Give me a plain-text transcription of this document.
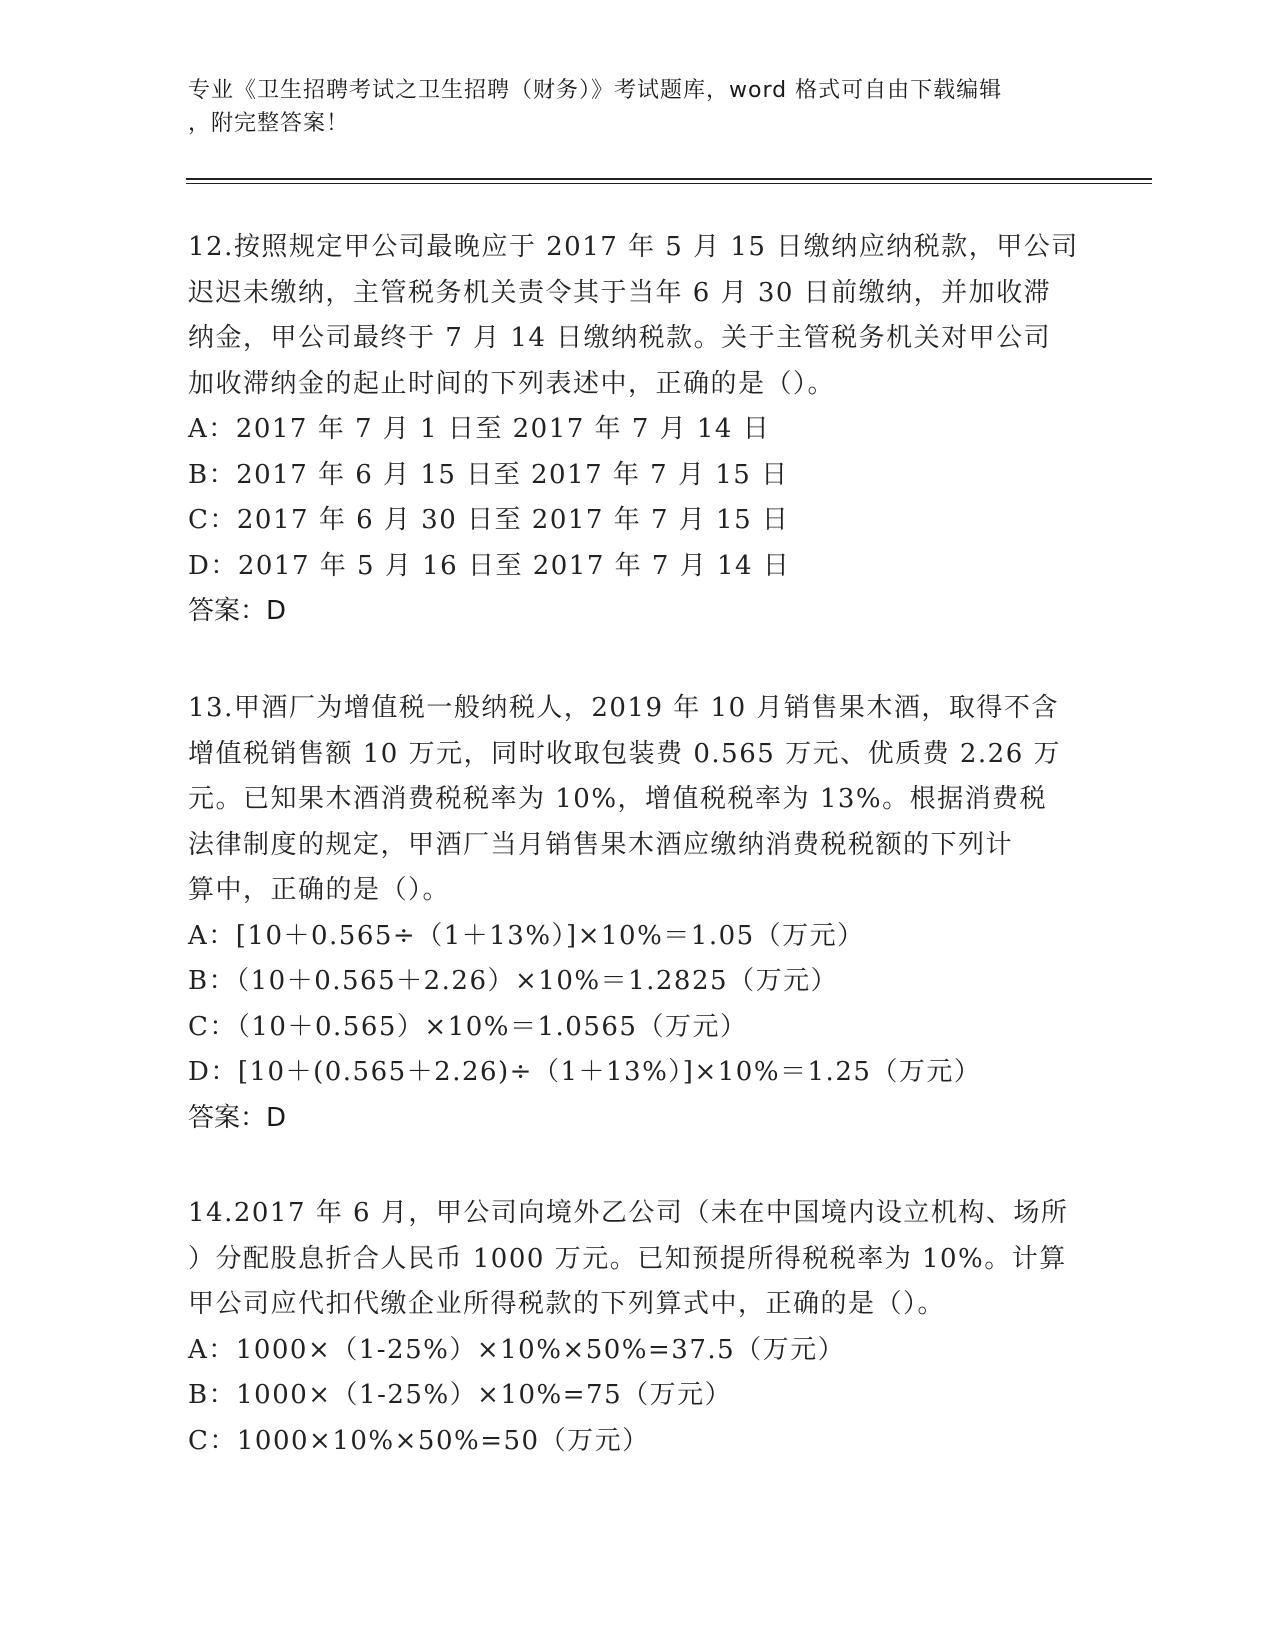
专业《卫生招聘考试之卫生招聘（财务）》考试题库，word 格式可自由下载编辑
，附完整答案！

12.按照规定甲公司最晚应于 2017 年 5 月 15 日缴纳应纳税款，甲公司

迟迟未缴纳，主管税务机关责令其于当年 6 月 30 日前缴纳，并加收滞

纳金，甲公司最终于 7 月 14 日缴纳税款。关于主管税务机关对甲公司

加收滞纳金的起止时间的下列表述中，正确的是（）。

A：2017 年 7 月 1 日至 2017 年 7 月 14 日

B：2017 年 6 月 15 日至 2017 年 7 月 15 日

C：2017 年 6 月 30 日至 2017 年 7 月 15 日

D：2017 年 5 月 16 日至 2017 年 7 月 14 日

答案：D

13.甲酒厂为增值税一般纳税人，2019 年 10 月销售果木酒，取得不含

增值税销售额 10 万元，同时收取包装费 0.565 万元、优质费 2.26 万

元。已知果木酒消费税税率为 10%，增值税税率为 13%。根据消费税

法律制度的规定，甲酒厂当月销售果木酒应缴纳消费税税额的下列计

算中，正确的是（）。

A：[10＋0.565÷（1＋13%）]×10%＝1.05（万元）

B：（10＋0.565＋2.26）×10%＝1.2825（万元）

C：（10＋0.565）×10%＝1.0565（万元）

D：[10＋(0.565＋2.26)÷（1＋13%）]×10%＝1.25（万元）

答案：D

14.2017 年 6 月，甲公司向境外乙公司（未在中国境内设立机构、场所

）分配股息折合人民币 1000 万元。已知预提所得税税率为 10%。计算

甲公司应代扣代缴企业所得税款的下列算式中，正确的是（）。

A：1000×（1-25%）×10%×50%=37.5（万元）

B：1000×（1-25%）×10%=75（万元）

C：1000×10%×50%=50（万元）
